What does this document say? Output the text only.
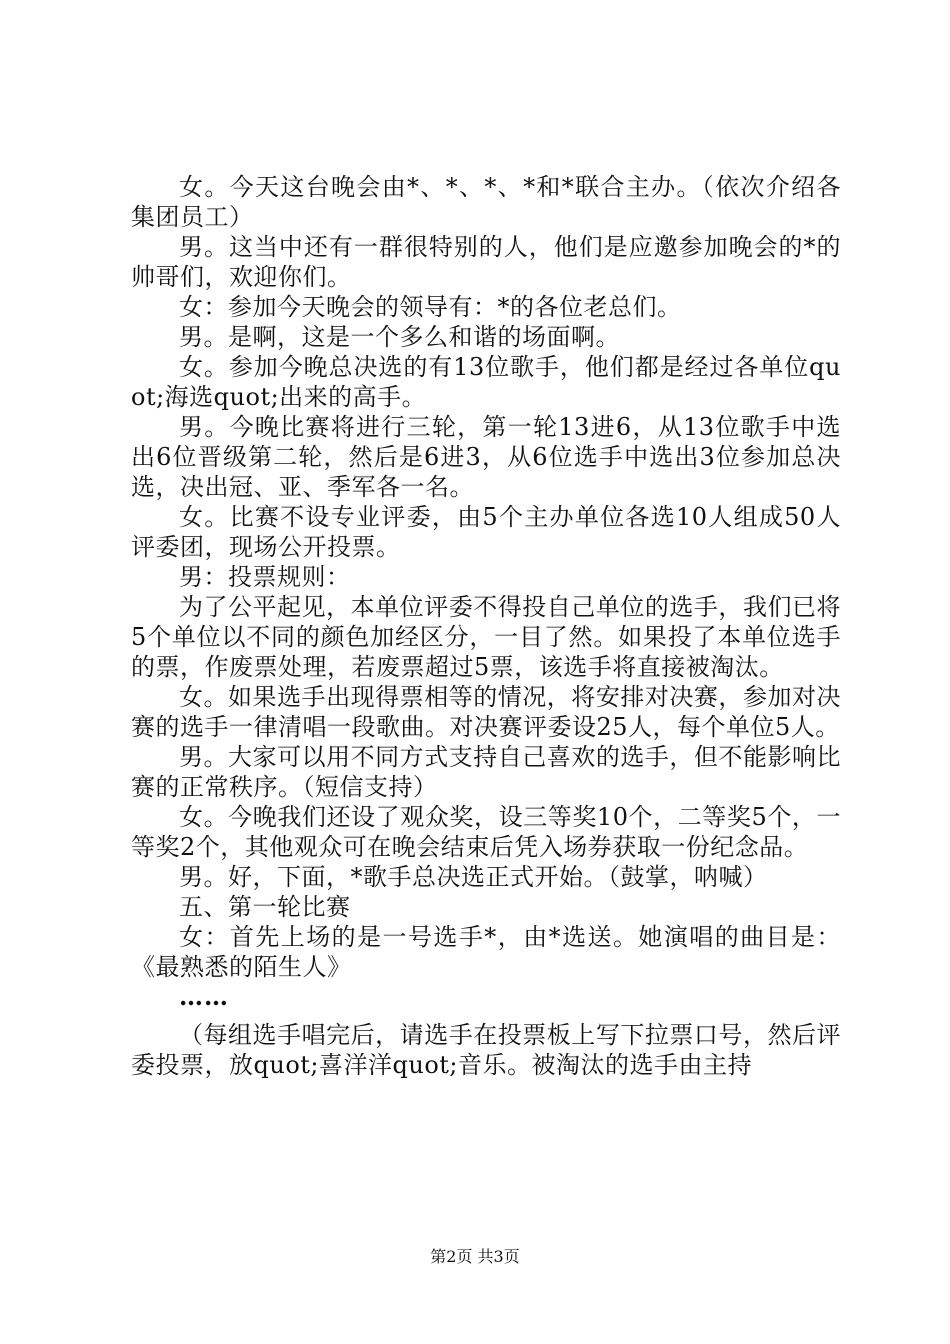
女。今天这台晚会由*、*、*、*和*联合主办。（依次介绍各集团员工）

男。这当中还有一群很特别的人，他们是应邀参加晚会的*的帅哥们，欢迎你们。

女：参加今天晚会的领导有：*的各位老总们。

男。是啊，这是一个多么和谐的场面啊。

女。参加今晚总决选的有13位歌手，他们都是经过各单位quot;海选quot;出来的高手。

男。今晚比赛将进行三轮，第一轮13进6，从13位歌手中选出6位晋级第二轮，然后是6进3，从6位选手中选出3位参加总决选，决出冠、亚、季军各一名。

女。比赛不设专业评委，由5个主办单位各选10人组成50人评委团，现场公开投票。

男：投票规则：

为了公平起见，本单位评委不得投自己单位的选手，我们已将5个单位以不同的颜色加经区分，一目了然。如果投了本单位选手的票，作废票处理，若废票超过5票，该选手将直接被淘汰。

女。如果选手出现得票相等的情况，将安排对决赛，参加对决赛的选手一律清唱一段歌曲。对决赛评委设25人，每个单位5人。

男。大家可以用不同方式支持自己喜欢的选手，但不能影响比赛的正常秩序。（短信支持）

女。今晚我们还设了观众奖，设三等奖10个，二等奖5个，一等奖2个，其他观众可在晚会结束后凭入场券获取一份纪念品。

男。好，下面，*歌手总决选正式开始。（鼓掌，呐喊）

五、第一轮比赛

女：首先上场的是一号选手*，由*选送。她演唱的曲目是：《最熟悉的陌生人》

……

（每组选手唱完后，请选手在投票板上写下拉票口号，然后评委投票，放quot;喜洋洋quot;音乐。被淘汰的选手由主持

第2页 共3页
